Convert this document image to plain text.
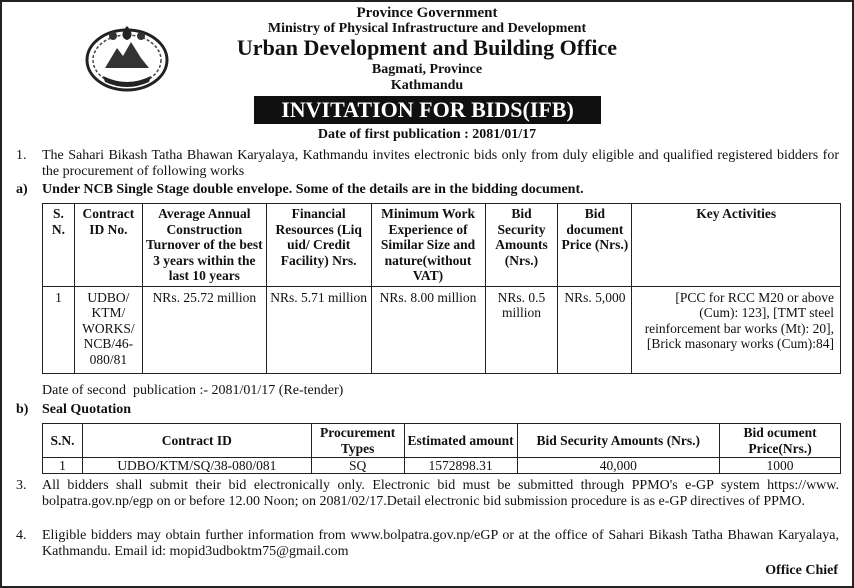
Province Government
Ministry of Physical Infrastructure and Development
Urban Development and Building Office
Bagmati, Province
Kathmandu
INVITATION FOR BIDS(IFB)
Date of first publication : 2081/01/17
1. The Sahari Bikash Tatha Bhawan Karyalaya, Kathmandu invites electronic bids only from duly eligible and qualified registered bidders for the procurement of following works
a) Under NCB Single Stage double envelope. Some of the details are in the bidding document.
S. N.	Contract ID No.	Average Annual Construction Turnover of the best 3 years within the last 10 years	Financial Resources (Liq uid/ Credit Facility) Nrs.	Minimum Work Experience of Similar Size and nature(without VAT)	Bid Security Amounts (Nrs.)	Bid document Price (Nrs.)	Key Activities
1	UDBO/ KTM/ WORKS/ NCB/46-080/81	NRs. 25.72 million	NRs. 5.71 million	NRs. 8.00 million	NRs. 0.5 million	NRs. 5,000	[PCC for RCC M20 or above (Cum): 123], [TMT steel reinforcement bar works (Mt): 20], [Brick masonary works (Cum):84]
Date of second  publication :- 2081/01/17 (Re-tender)
b) Seal Quotation
S.N.	Contract ID	Procurement Types	Estimated amount	Bid Security Amounts (Nrs.)	Bid ocument Price(Nrs.)
1	UDBO/KTM/SQ/38-080/081	SQ	1572898.31	40,000	1000
3. All bidders shall submit their bid electronically only. Electronic bid must be submitted through PPMO's e-GP system https://www. bolpatra.gov.np/egp on or before 12.00 Noon; on 2081/02/17.Detail electronic bid submission procedure is as e-GP directives of PPMO.
4. Eligible bidders may obtain further information from www.bolpatra.gov.np/eGP or at the office of Sahari Bikash Tatha Bhawan Karyalaya, Kathmandu. Email id: mopid3udboktm75@gmail.com
Office Chief
